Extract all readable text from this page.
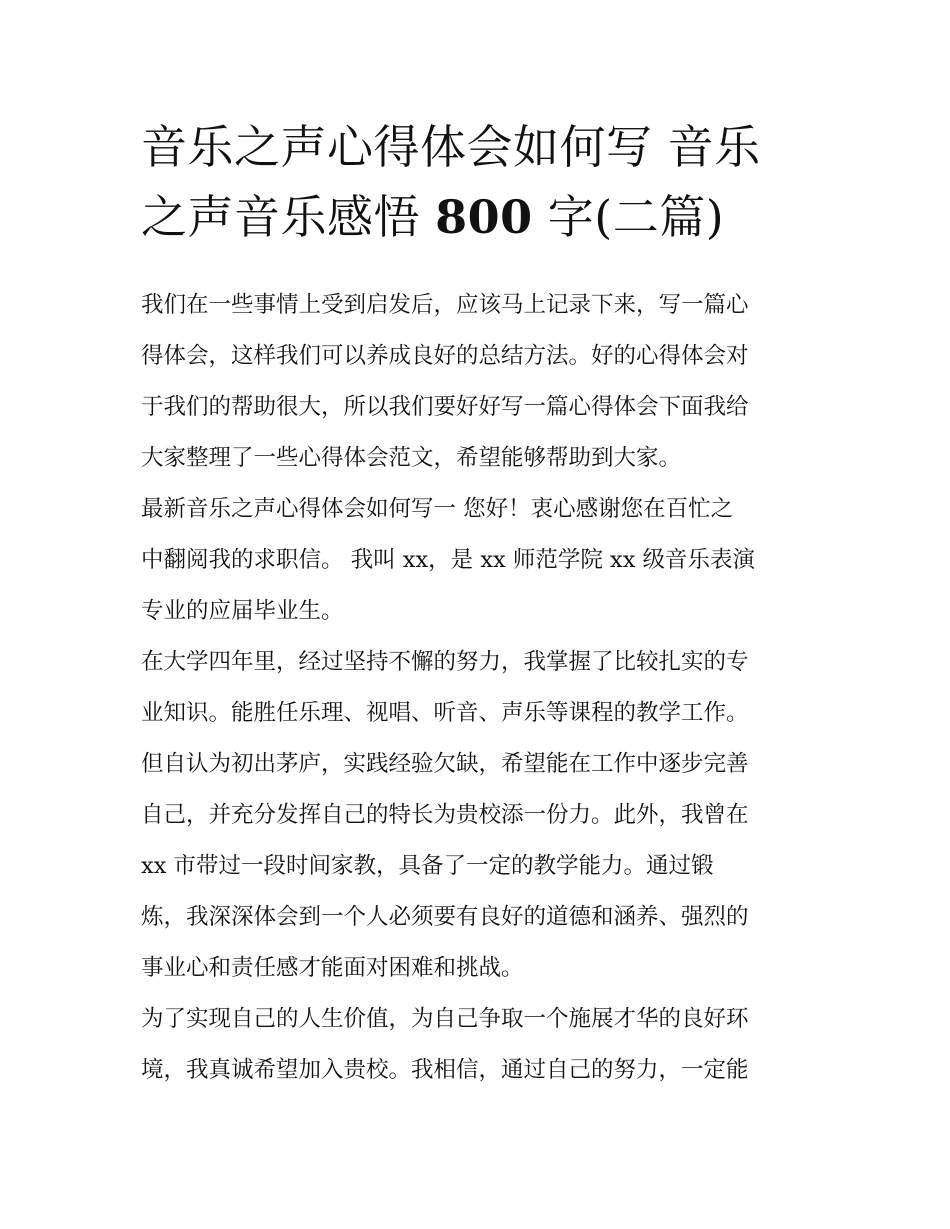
音乐之声心得体会如何写 音乐
之声音乐感悟 800 字(二篇)

我们在一些事情上受到启发后，应该马上记录下来，写一篇心
得体会，这样我们可以养成良好的总结方法。好的心得体会对
于我们的帮助很大，所以我们要好好写一篇心得体会下面我给
大家整理了一些心得体会范文，希望能够帮助到大家。

最新音乐之声心得体会如何写一 您好！衷心感谢您在百忙之
中翻阅我的求职信。 我叫 xx，是 xx 师范学院 xx 级音乐表演
专业的应届毕业生。

在大学四年里，经过坚持不懈的努力，我掌握了比较扎实的专
业知识。能胜任乐理、视唱、听音、声乐等课程的教学工作。
但自认为初出茅庐，实践经验欠缺，希望能在工作中逐步完善
自己，并充分发挥自己的特长为贵校添一份力。此外，我曾在
xx 市带过一段时间家教，具备了一定的教学能力。通过锻
炼，我深深体会到一个人必须要有良好的道德和涵养、强烈的
事业心和责任感才能面对困难和挑战。

为了实现自己的人生价值，为自己争取一个施展才华的良好环
境，我真诚希望加入贵校。我相信，通过自己的努力，一定能
